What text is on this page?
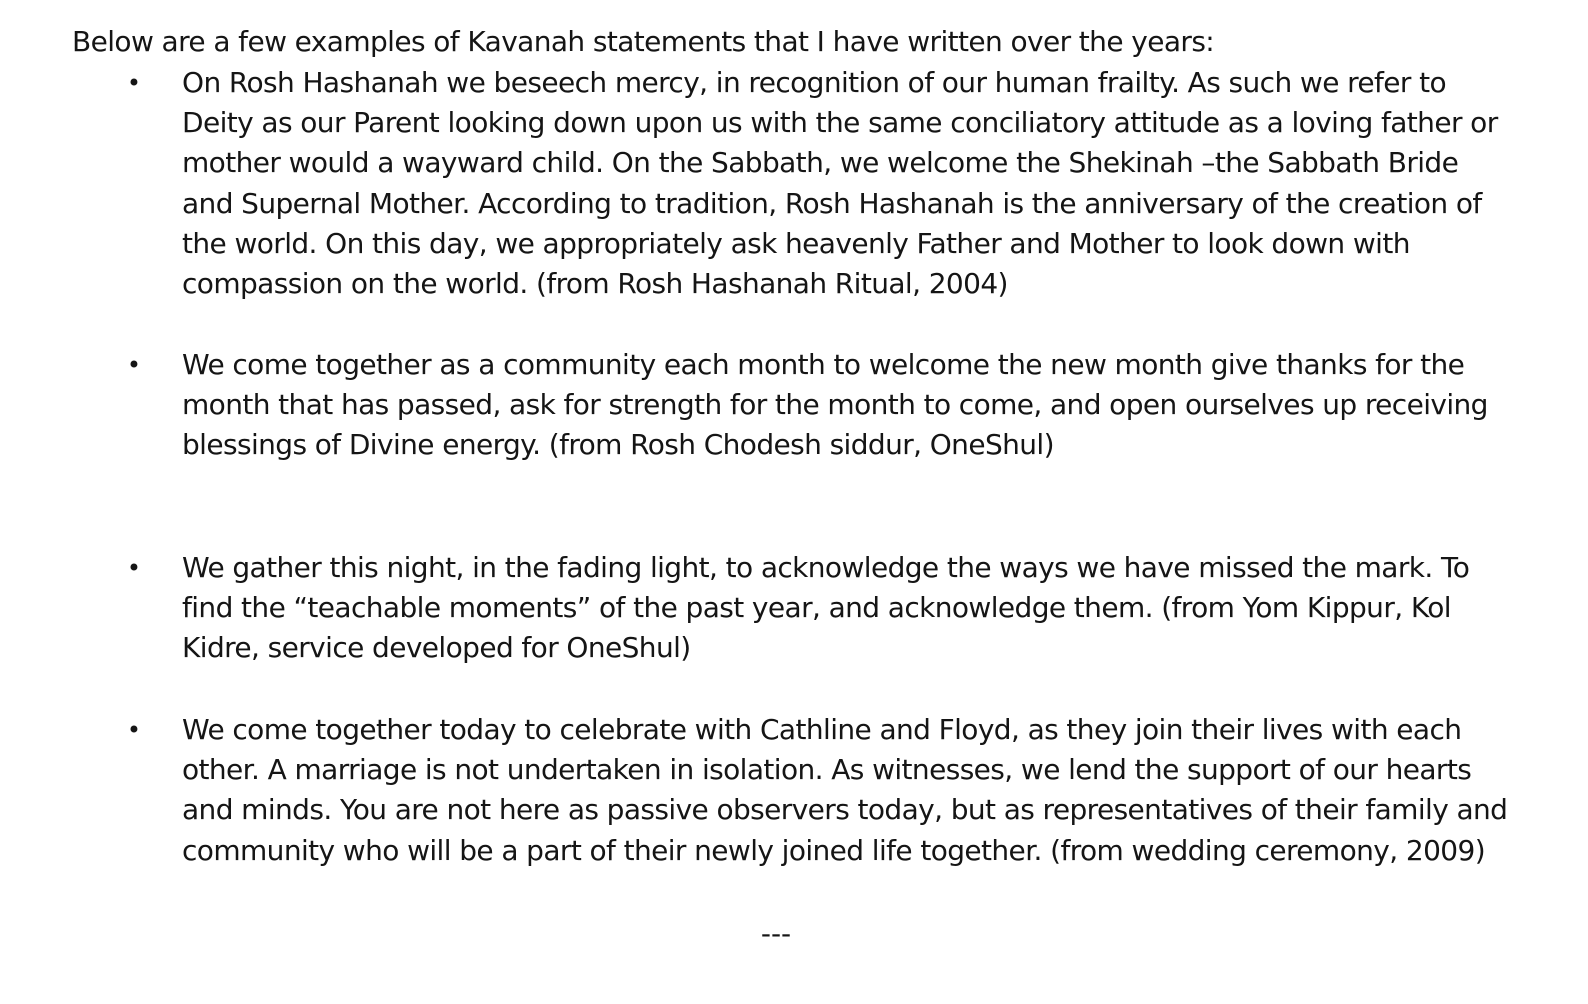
Below are a few examples of Kavanah statements that I have written over the years:
• On Rosh Hashanah we beseech mercy, in recognition of our human frailty. As such we refer to Deity as our Parent looking down upon us with the same conciliatory attitude as a loving father or mother would a wayward child. On the Sabbath, we welcome the Shekinah –the Sabbath Bride and Supernal Mother. According to tradition, Rosh Hashanah is the anniversary of the creation of the world. On this day, we appropriately ask heavenly Father and Mother to look down with compassion on the world. (from Rosh Hashanah Ritual, 2004)
• We come together as a community each month to welcome the new month give thanks for the month that has passed, ask for strength for the month to come, and open ourselves up receiving blessings of Divine energy. (from Rosh Chodesh siddur, OneShul)
• We gather this night, in the fading light, to acknowledge the ways we have missed the mark. To find the “teachable moments” of the past year, and acknowledge them. (from Yom Kippur, Kol Kidre, service developed for OneShul)
• We come together today to celebrate with Cathline and Floyd, as they join their lives with each other. A marriage is not undertaken in isolation. As witnesses, we lend the support of our hearts and minds. You are not here as passive observers today, but as representatives of their family and community who will be a part of their newly joined life together. (from wedding ceremony, 2009)
---
